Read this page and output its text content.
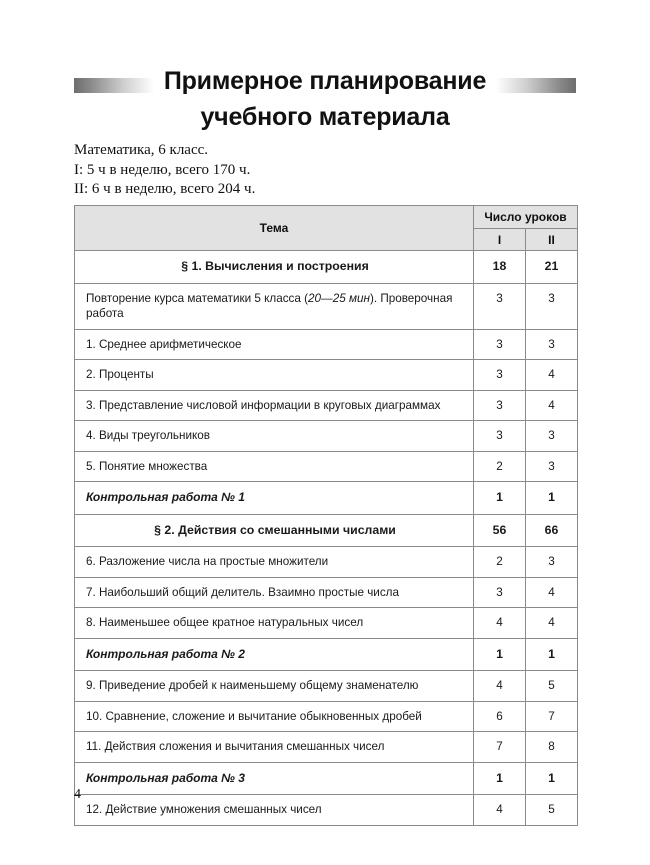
Примерное планирование
учебного материала
Математика, 6 класс.
I: 5 ч в неделю, всего 170 ч.
II: 6 ч в неделю, всего 204 ч.
Тема	Число уроков	
	I	II
§ 1. Вычисления и построения	18	21
Повторение курса математики 5 класса (20—25 мин). Проверочная работа	3	3
1. Среднее арифметическое	3	3
2. Проценты	3	4
3. Представление числовой информации в круговых диаграммах	3	4
4. Виды треугольников	3	3
5. Понятие множества	2	3
Контрольная работа № 1	1	1
§ 2. Действия со смешанными числами	56	66
6. Разложение числа на простые множители	2	3
7. Наибольший общий делитель. Взаимно простые числа	3	4
8. Наименьшее общее кратное натуральных чисел	4	4
Контрольная работа № 2	1	1
9. Приведение дробей к наименьшему общему знаменателю	4	5
10. Сравнение, сложение и вычитание обыкновенных дробей	6	7
11. Действия сложения и вычитания смешанных чисел	7	8
Контрольная работа № 3	1	1
12. Действие умножения смешанных чисел	4	5
4
